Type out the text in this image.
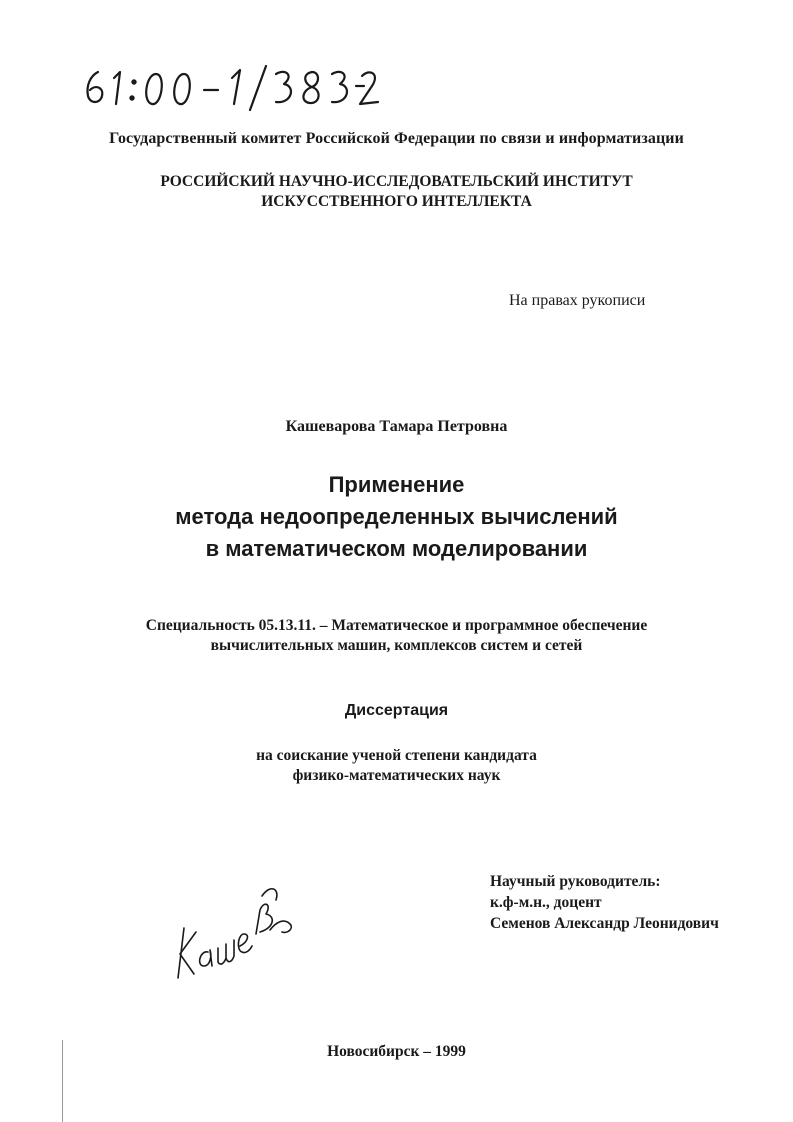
Государственный комитет Российской Федерации по связи и информатизации
РОССИЙСКИЙ НАУЧНО-ИССЛЕДОВАТЕЛЬСКИЙ ИНСТИТУТ
ИСКУССТВЕННОГО ИНТЕЛЛЕКТА
На правах рукописи
Кашеварова Тамара Петровна
Применение
метода недоопределенных вычислений
в математическом моделировании
Специальность 05.13.11. – Математическое и программное обеспечение
вычислительных машин, комплексов систем и сетей
Диссертация
на соискание ученой степени кандидата
физико-математических наук
Научный руководитель:
к.ф-м.н., доцент
Семенов Александр Леонидович
Новосибирск – 1999
